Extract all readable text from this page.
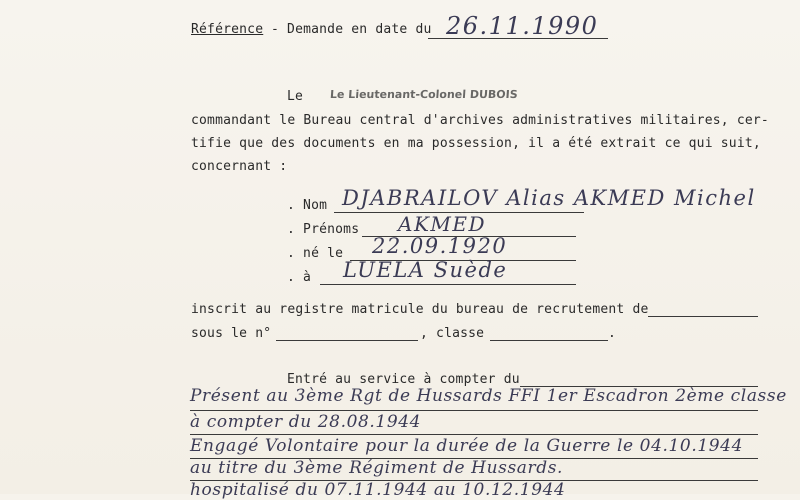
Référence - Demande en date du 26.11.1990
Le Le Lieutenant-Colonel DUBOIS
commandant le Bureau central d'archives administratives militaires, cer-
tifie que des documents en ma possession, il a été extrait ce qui suit,
concernant :
. Nom DJABRAILOV Alias AKMED Michel
. Prénoms AKMED
. né le 22.09.1920
. à LUELA Suède
inscrit au registre matricule du bureau de recrutement de
sous le n°	, classe	.
Entré au service à compter du
Présent au 3ème Rgt de Hussards FFI 1er Escadron 2ème classe
à compter du 28.08.1944
Engagé Volontaire pour la durée de la Guerre le 04.10.1944
au titre du 3ème Régiment de Hussards.
hospitalisé du 07.11.1944 au 10.12.1944
